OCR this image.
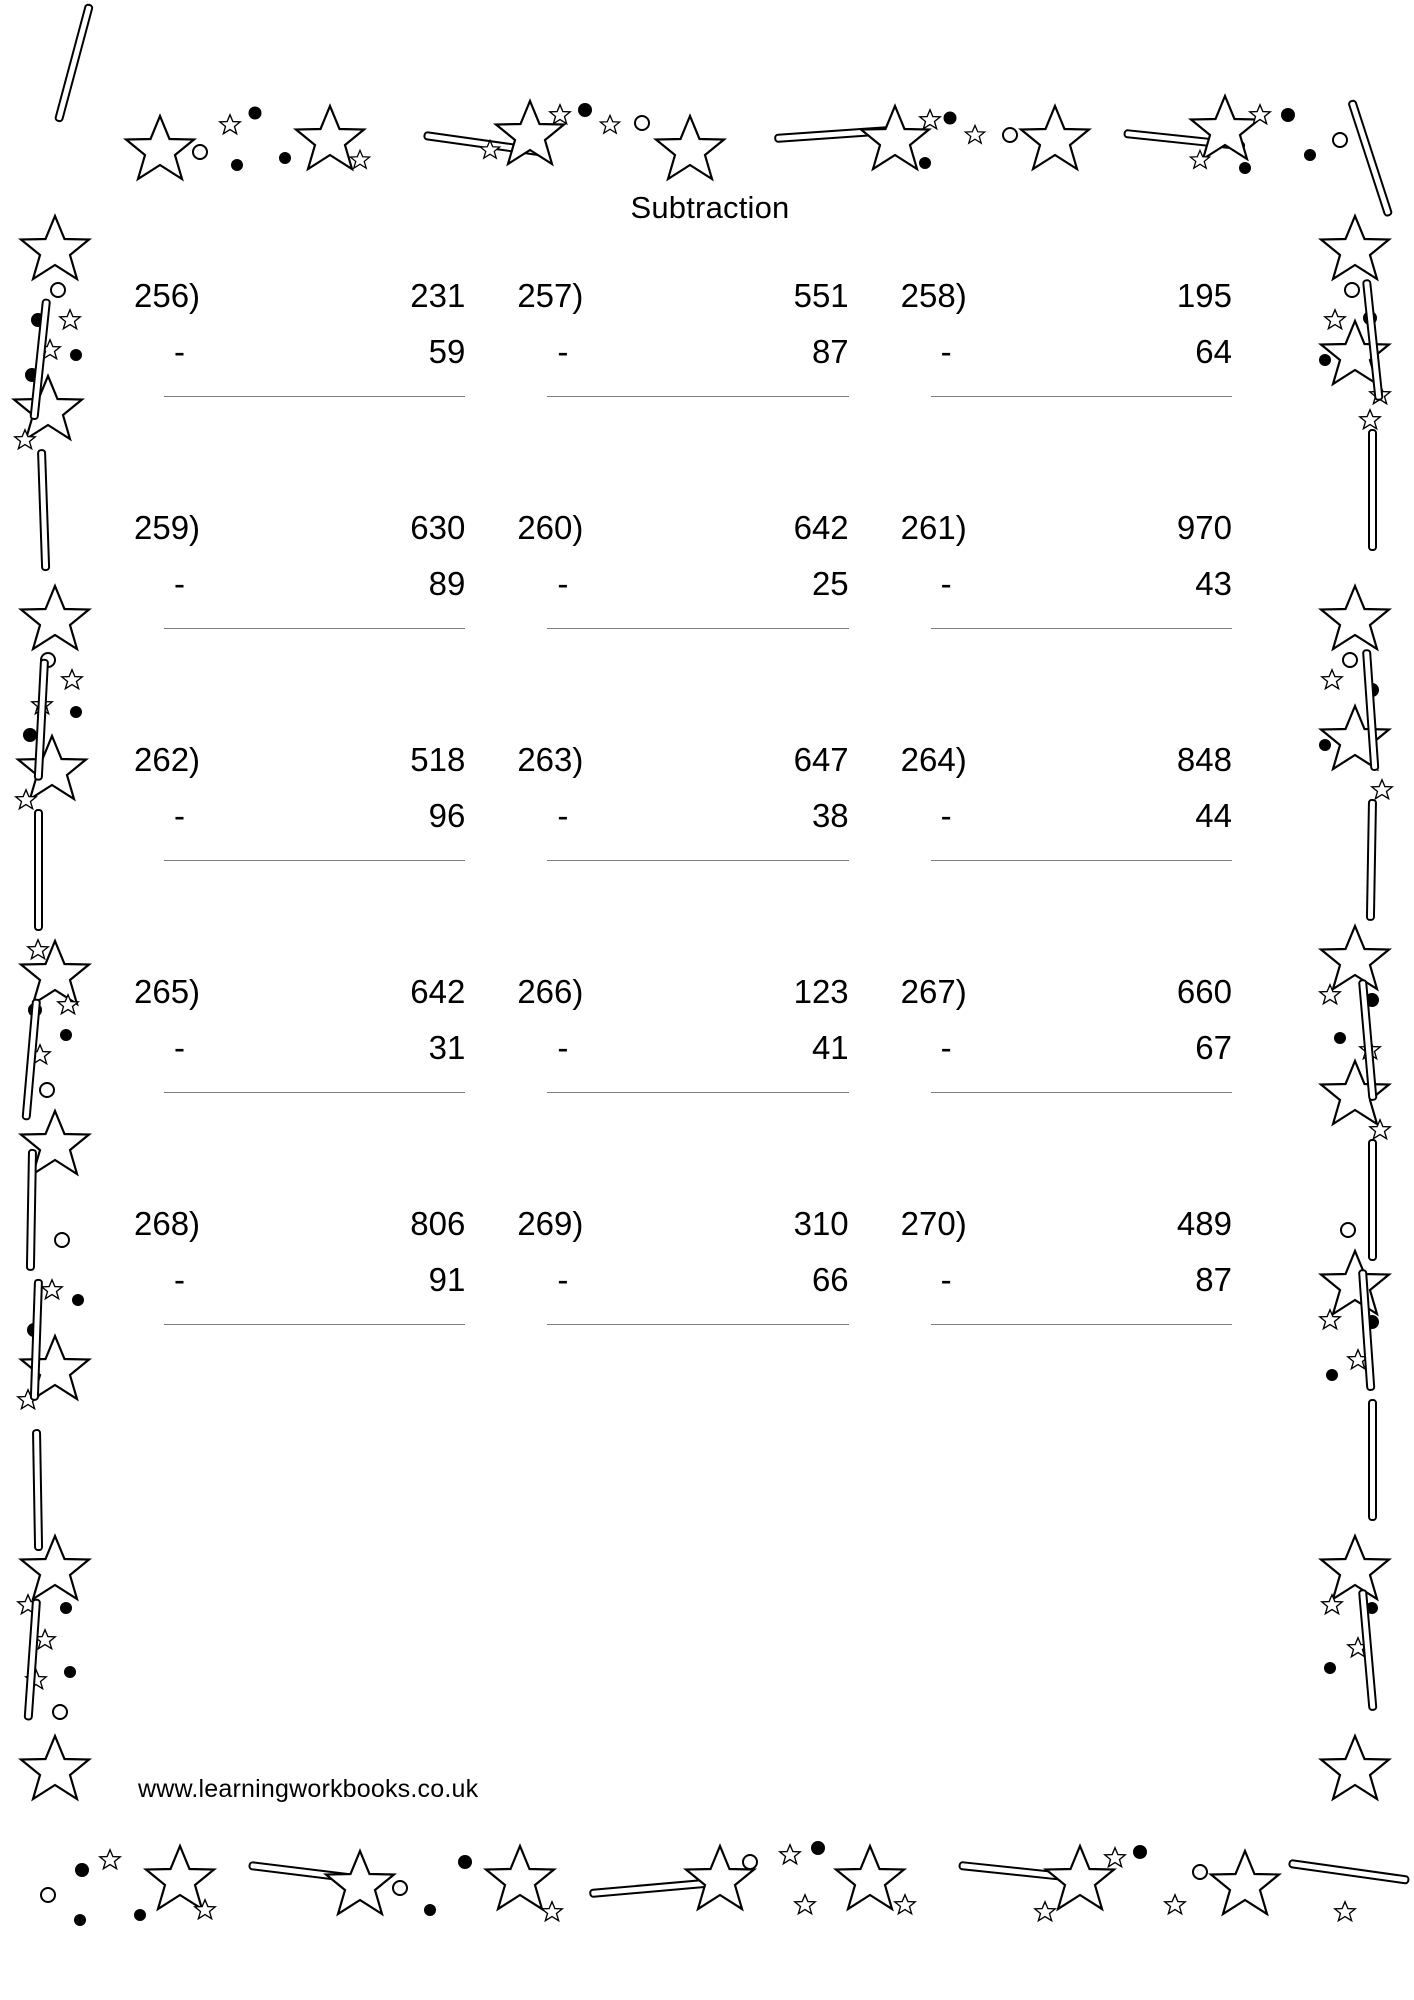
Subtraction
256)	231
-	59
257)	551
-	87
258)	195
-	64
259)	630
-	89
260)	642
-	25
261)	970
-	43
262)	518
-	96
263)	647
-	38
264)	848
-	44
265)	642
-	31
266)	123
-	41
267)	660
-	67
268)	806
-	91
269)	310
-	66
270)	489
-	87
www.learningworkbooks.co.uk
